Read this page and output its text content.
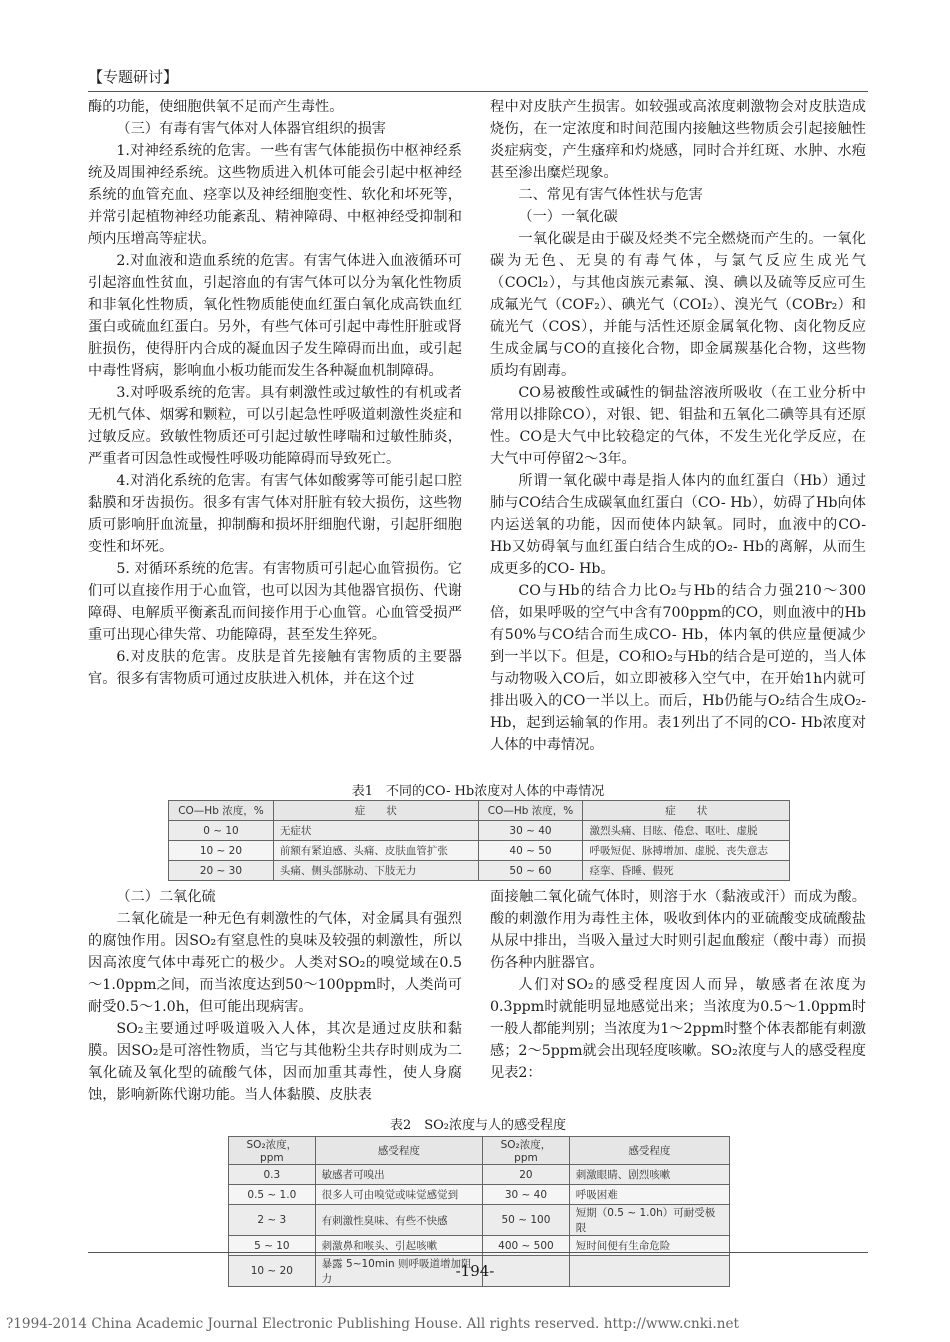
【专题研讨】

酶的功能，使细胞供氧不足而产生毒性。

（三）有毒有害气体对人体器官组织的损害

1.对神经系统的危害。一些有害气体能损伤中枢神经系统及周围神经系统。这些物质进入机体可能会引起中枢神经系统的血管充血、痉挛以及神经细胞变性、软化和坏死等，并常引起植物神经功能紊乱、精神障碍、中枢神经受抑制和颅内压增高等症状。

2.对血液和造血系统的危害。有害气体进入血液循环可引起溶血性贫血，引起溶血的有害气体可以分为氧化性物质和非氧化性物质，氧化性物质能使血红蛋白氧化成高铁血红蛋白或硫血红蛋白。另外，有些气体可引起中毒性肝脏或肾脏损伤，使得肝内合成的凝血因子发生障碍而出血，或引起中毒性肾病，影响血小板功能而发生各种凝血机制障碍。

3.对呼吸系统的危害。具有刺激性或过敏性的有机或者无机气体、烟雾和颗粒，可以引起急性呼吸道刺激性炎症和过敏反应。致敏性物质还可引起过敏性哮喘和过敏性肺炎，严重者可因急性或慢性呼吸功能障碍而导致死亡。

4.对消化系统的危害。有害气体如酸雾等可能引起口腔黏膜和牙齿损伤。很多有害气体对肝脏有较大损伤，这些物质可影响肝血流量，抑制酶和损坏肝细胞代谢，引起肝细胞变性和坏死。

5. 对循环系统的危害。有害物质可引起心血管损伤。它们可以直接作用于心血管，也可以因为其他器官损伤、代谢障碍、电解质平衡紊乱而间接作用于心血管。心血管受损严重可出现心律失常、功能障碍，甚至发生猝死。

6.对皮肤的危害。皮肤是首先接触有害物质的主要器官。很多有害物质可通过皮肤进入机体，并在这个过

程中对皮肤产生损害。如较强或高浓度刺激物会对皮肤造成烧伤，在一定浓度和时间范围内接触这些物质会引起接触性炎症病变，产生瘙痒和灼烧感，同时合并红斑、水肿、水疱甚至渗出糜烂现象。

二、常见有害气体性状与危害

（一）一氧化碳

一氧化碳是由于碳及烃类不完全燃烧而产生的。一氧化碳为无色、无臭的有毒气体，与氯气反应生成光气（COCl₂），与其他卤族元素氟、溴、碘以及硫等反应可生成氟光气（COF₂）、碘光气（COI₂）、溴光气（COBr₂）和硫光气（COS），并能与活性还原金属氧化物、卤化物反应生成金属与CO的直接化合物，即金属羰基化合物，这些物质均有剧毒。

CO易被酸性或碱性的铜盐溶液所吸收（在工业分析中常用以排除CO），对银、钯、钼盐和五氧化二碘等具有还原性。CO是大气中比较稳定的气体，不发生光化学反应，在大气中可停留2～3年。

所谓一氧化碳中毒是指人体内的血红蛋白（Hb）通过肺与CO结合生成碳氧血红蛋白（CO- Hb），妨碍了Hb向体内运送氧的功能，因而使体内缺氧。同时，血液中的CO- Hb又妨碍氧与血红蛋白结合生成的O₂- Hb的离解，从而生成更多的CO- Hb。

CO与Hb的结合力比O₂与Hb的结合力强210～300倍，如果呼吸的空气中含有700ppm的CO，则血液中的Hb有50%与CO结合而生成CO- Hb，体内氧的供应量便减少到一半以下。但是，CO和O₂与Hb的结合是可逆的，当人体与动物吸入CO后，如立即被移入空气中，在开始1h内就可排出吸入的CO一半以上。而后，Hb仍能与O₂结合生成O₂- Hb，起到运输氧的作用。表1列出了不同的CO- Hb浓度对人体的中毒情况。

表1　不同的CO- Hb浓度对人体的中毒情况
CO—Hb 浓度，%	症　　状	CO—Hb 浓度，%	症　　状
0 ~ 10	无症状	30 ~ 40	激烈头痛、目眩、倦怠、呕吐、虚脱
10 ~ 20	前额有紧迫感、头痛、皮肤血管扩张	40 ~ 50	呼吸短促、脉搏增加、虚脱、丧失意志
20 ~ 30	头痛、侧头部脉动、下肢无力	50 ~ 60	痉挛、昏睡、假死

（二）二氧化硫

二氧化硫是一种无色有刺激性的气体，对金属具有强烈的腐蚀作用。因SO₂有窒息性的臭味及较强的刺激性，所以因高浓度气体中毒死亡的极少。人类对SO₂的嗅觉域在0.5～1.0ppm之间，而当浓度达到50～100ppm时，人类尚可耐受0.5～1.0h，但可能出现病害。

SO₂主要通过呼吸道吸入人体，其次是通过皮肤和黏膜。因SO₂是可溶性物质，当它与其他粉尘共存时则成为二氧化硫及氧化型的硫酸气体，因而加重其毒性，使人身腐蚀，影响新陈代谢功能。当人体黏膜、皮肤表

面接触二氧化硫气体时，则溶于水（黏液或汗）而成为酸。酸的刺激作用为毒性主体，吸收到体内的亚硫酸变成硫酸盐从尿中排出，当吸入量过大时则引起血酸症（酸中毒）而损伤各种内脏器官。

人们对SO₂的感受程度因人而异，敏感者在浓度为0.3ppm时就能明显地感觉出来；当浓度为0.5～1.0ppm时一般人都能判别；当浓度为1～2ppm时整个体表都能有刺激感；2～5ppm就会出现轻度咳嗽。SO₂浓度与人的感受程度见表2：

表2　SO₂浓度与人的感受程度
SO₂浓度，ppm	感受程度	SO₂浓度，ppm	感受程度
0.3	敏感者可嗅出	20	刺激眼睛、剧烈咳嗽
0.5 ~ 1.0	很多人可由嗅觉或味觉感觉到	30 ~ 40	呼吸困难
2 ~ 3	有刺激性臭味、有些不快感	50 ~ 100	短期（0.5 ~ 1.0h）可耐受极限
5 ~ 10	刺激鼻和喉头、引起咳嗽	400 ~ 500	短时间便有生命危险
10 ~ 20	暴露 5~10min 则呼吸道增加阻力			-194-
?1994-2014 China Academic Journal Electronic Publishing House. All rights reserved. http://www.cnki.net
